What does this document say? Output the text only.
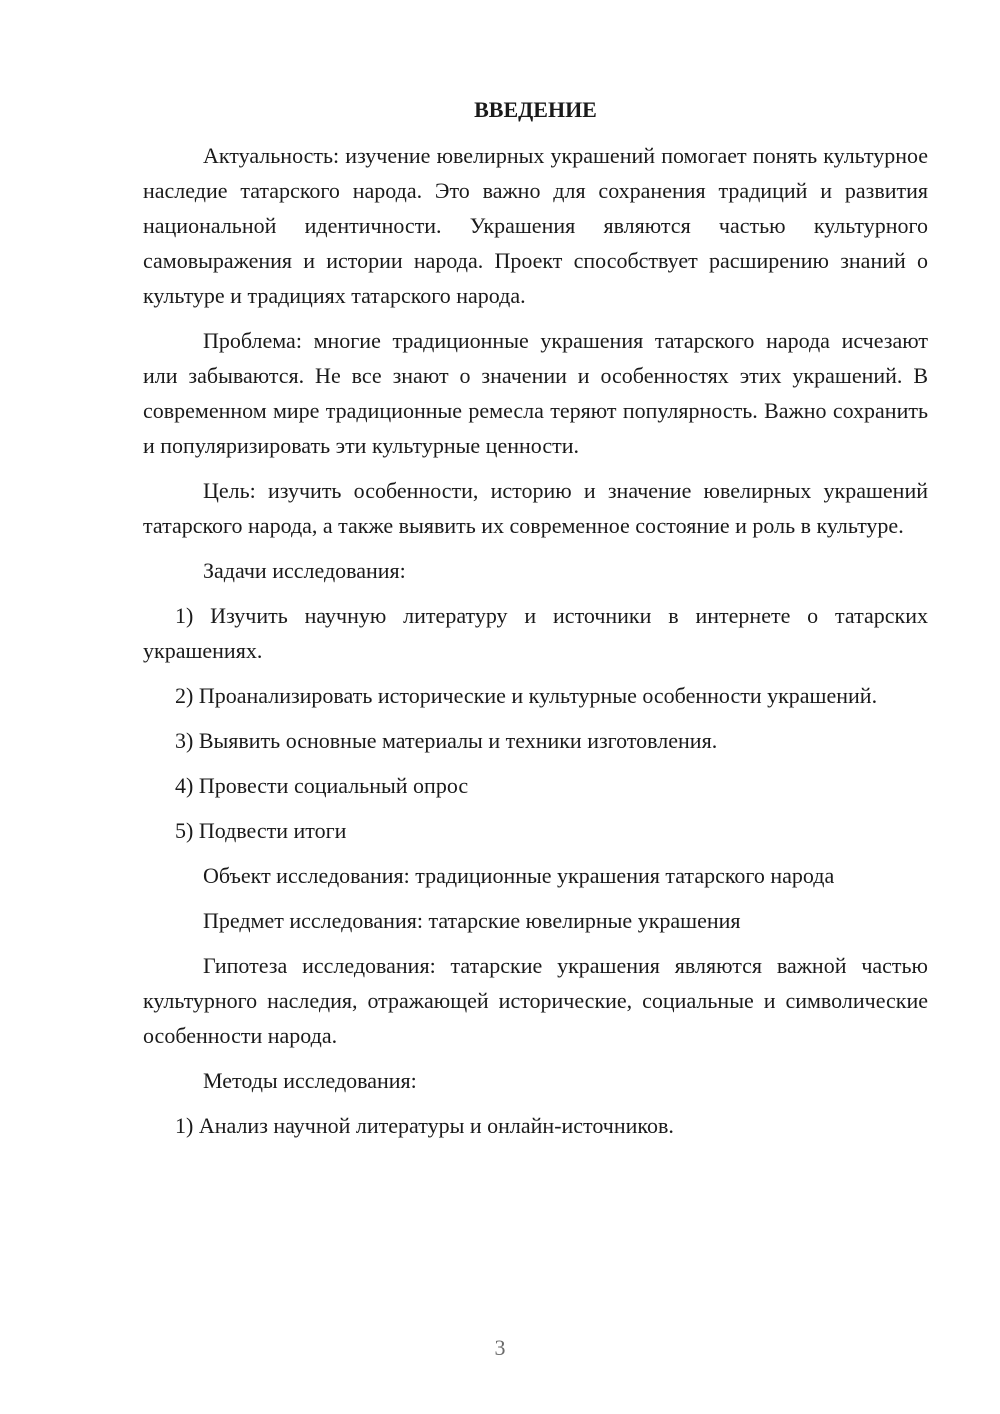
ВВЕДЕНИЕ

Актуальность: изучение ювелирных украшений помогает понять культурное наследие татарского народа. Это важно для сохранения традиций и развития национальной идентичности. Украшения являются частью культурного самовыражения и истории народа. Проект способствует расширению знаний о культуре и традициях татарского народа.

Проблема: многие традиционные украшения татарского народа исчезают или забываются. Не все знают о значении и особенностях этих украшений. В современном мире традиционные ремесла теряют популярность. Важно сохранить и популяризировать эти культурные ценности.

Цель: изучить особенности, историю и значение ювелирных украшений татарского народа, а также выявить их современное состояние и роль в культуре.

Задачи исследования:

1) Изучить научную литературу и источники в интернете о татарских украшениях.

2) Проанализировать исторические и культурные особенности украшений.

3) Выявить основные материалы и техники изготовления.

4) Провести социальный опрос

5) Подвести итоги

Объект исследования: традиционные украшения татарского народа

Предмет исследования: татарские ювелирные украшения

Гипотеза исследования: татарские украшения являются важной частью культурного наследия, отражающей исторические, социальные и символические особенности народа.

Методы исследования:

1) Анализ научной литературы и онлайн-источников.

3
